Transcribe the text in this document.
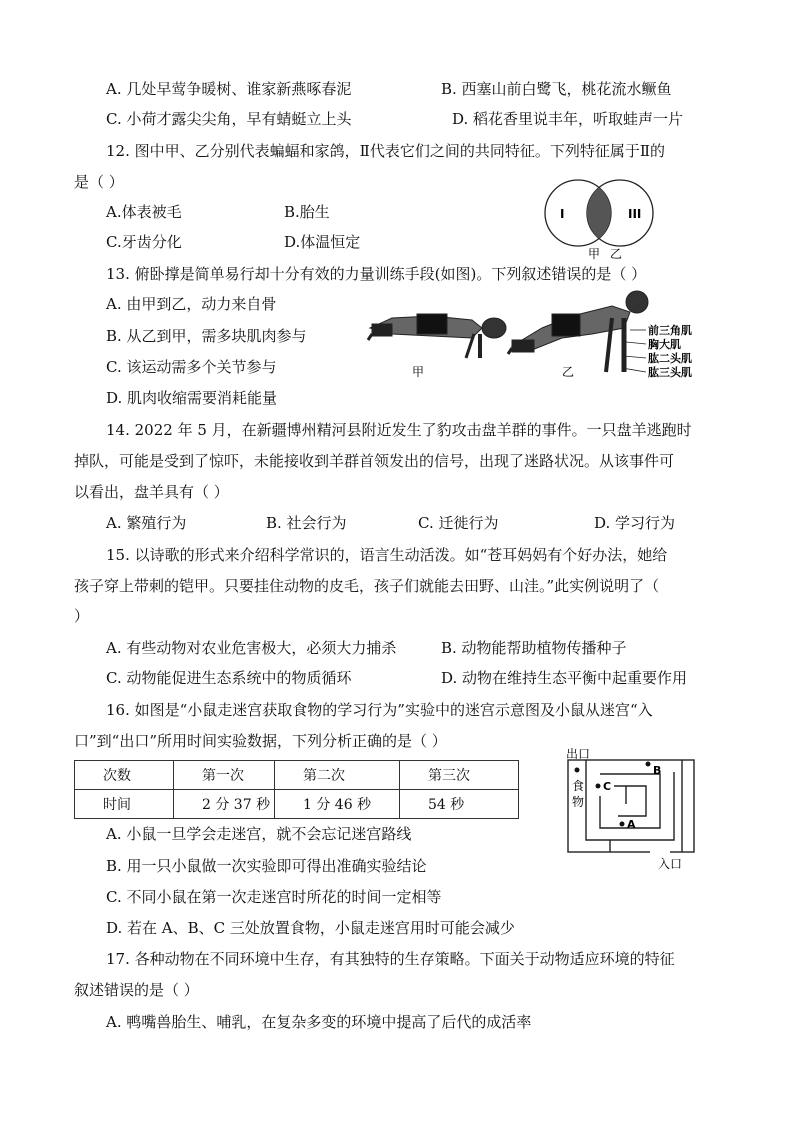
A. 几处早莺争暖树、谁家新燕啄春泥	B. 西塞山前白鹭飞，桃花流水鳜鱼
C. 小荷才露尖尖角，早有蜻蜓立上头	D. 稻花香里说丰年，听取蛙声一片
12. 图中甲、乙分别代表蝙蝠和家鸽，Ⅱ代表它们之间的共同特征。下列特征属于Ⅱ的
是（ ）
A.体表被毛	B.胎生
C.牙齿分化	D.体温恒定
I	III
甲 乙
13. 俯卧撑是简单易行却十分有效的力量训练手段(如图)。下列叙述错误的是（ ）
A. 由甲到乙，动力来自骨
B. 从乙到甲，需多块肌肉参与
C. 该运动需多个关节参与
D. 肌肉收缩需要消耗能量
甲	乙
前三角肌
胸大肌
肱二头肌
肱三头肌
14. 2022 年 5 月，在新疆博州精河县附近发生了豹攻击盘羊群的事件。一只盘羊逃跑时
掉队，可能是受到了惊吓，未能接收到羊群首领发出的信号，出现了迷路状况。从该事件可
以看出，盘羊具有（ ）
A. 繁殖行为	B. 社会行为	C. 迁徙行为	D. 学习行为
15. 以诗歌的形式来介绍科学常识的，语言生动活泼。如“苍耳妈妈有个好办法，她给
孩子穿上带刺的铠甲。只要挂住动物的皮毛，孩子们就能去田野、山洼。”此实例说明了（
）
A. 有些动物对农业危害极大，必须大力捕杀	B. 动物能帮助植物传播种子
C. 动物能促进生态系统中的物质循环	D. 动物在维持生态平衡中起重要作用
16. 如图是“小鼠走迷宫获取食物的学习行为”实验中的迷宫示意图及小鼠从迷宫“入
口”到“出口”所用时间实验数据，下列分析正确的是（ ）
次数	第一次	第二次	第三次
时间	2 分 37 秒	1 分 46 秒	54 秒
出口
入口
食
物
C
B
A
A. 小鼠一旦学会走迷宫，就不会忘记迷宫路线
B. 用一只小鼠做一次实验即可得出准确实验结论
C. 不同小鼠在第一次走迷宫时所花的时间一定相等
D. 若在 A、B、C 三处放置食物，小鼠走迷宫用时可能会减少
17. 各种动物在不同环境中生存，有其独特的生存策略。下面关于动物适应环境的特征
叙述错误的是（ ）
A. 鸭嘴兽胎生、哺乳，在复杂多变的环境中提高了后代的成活率
